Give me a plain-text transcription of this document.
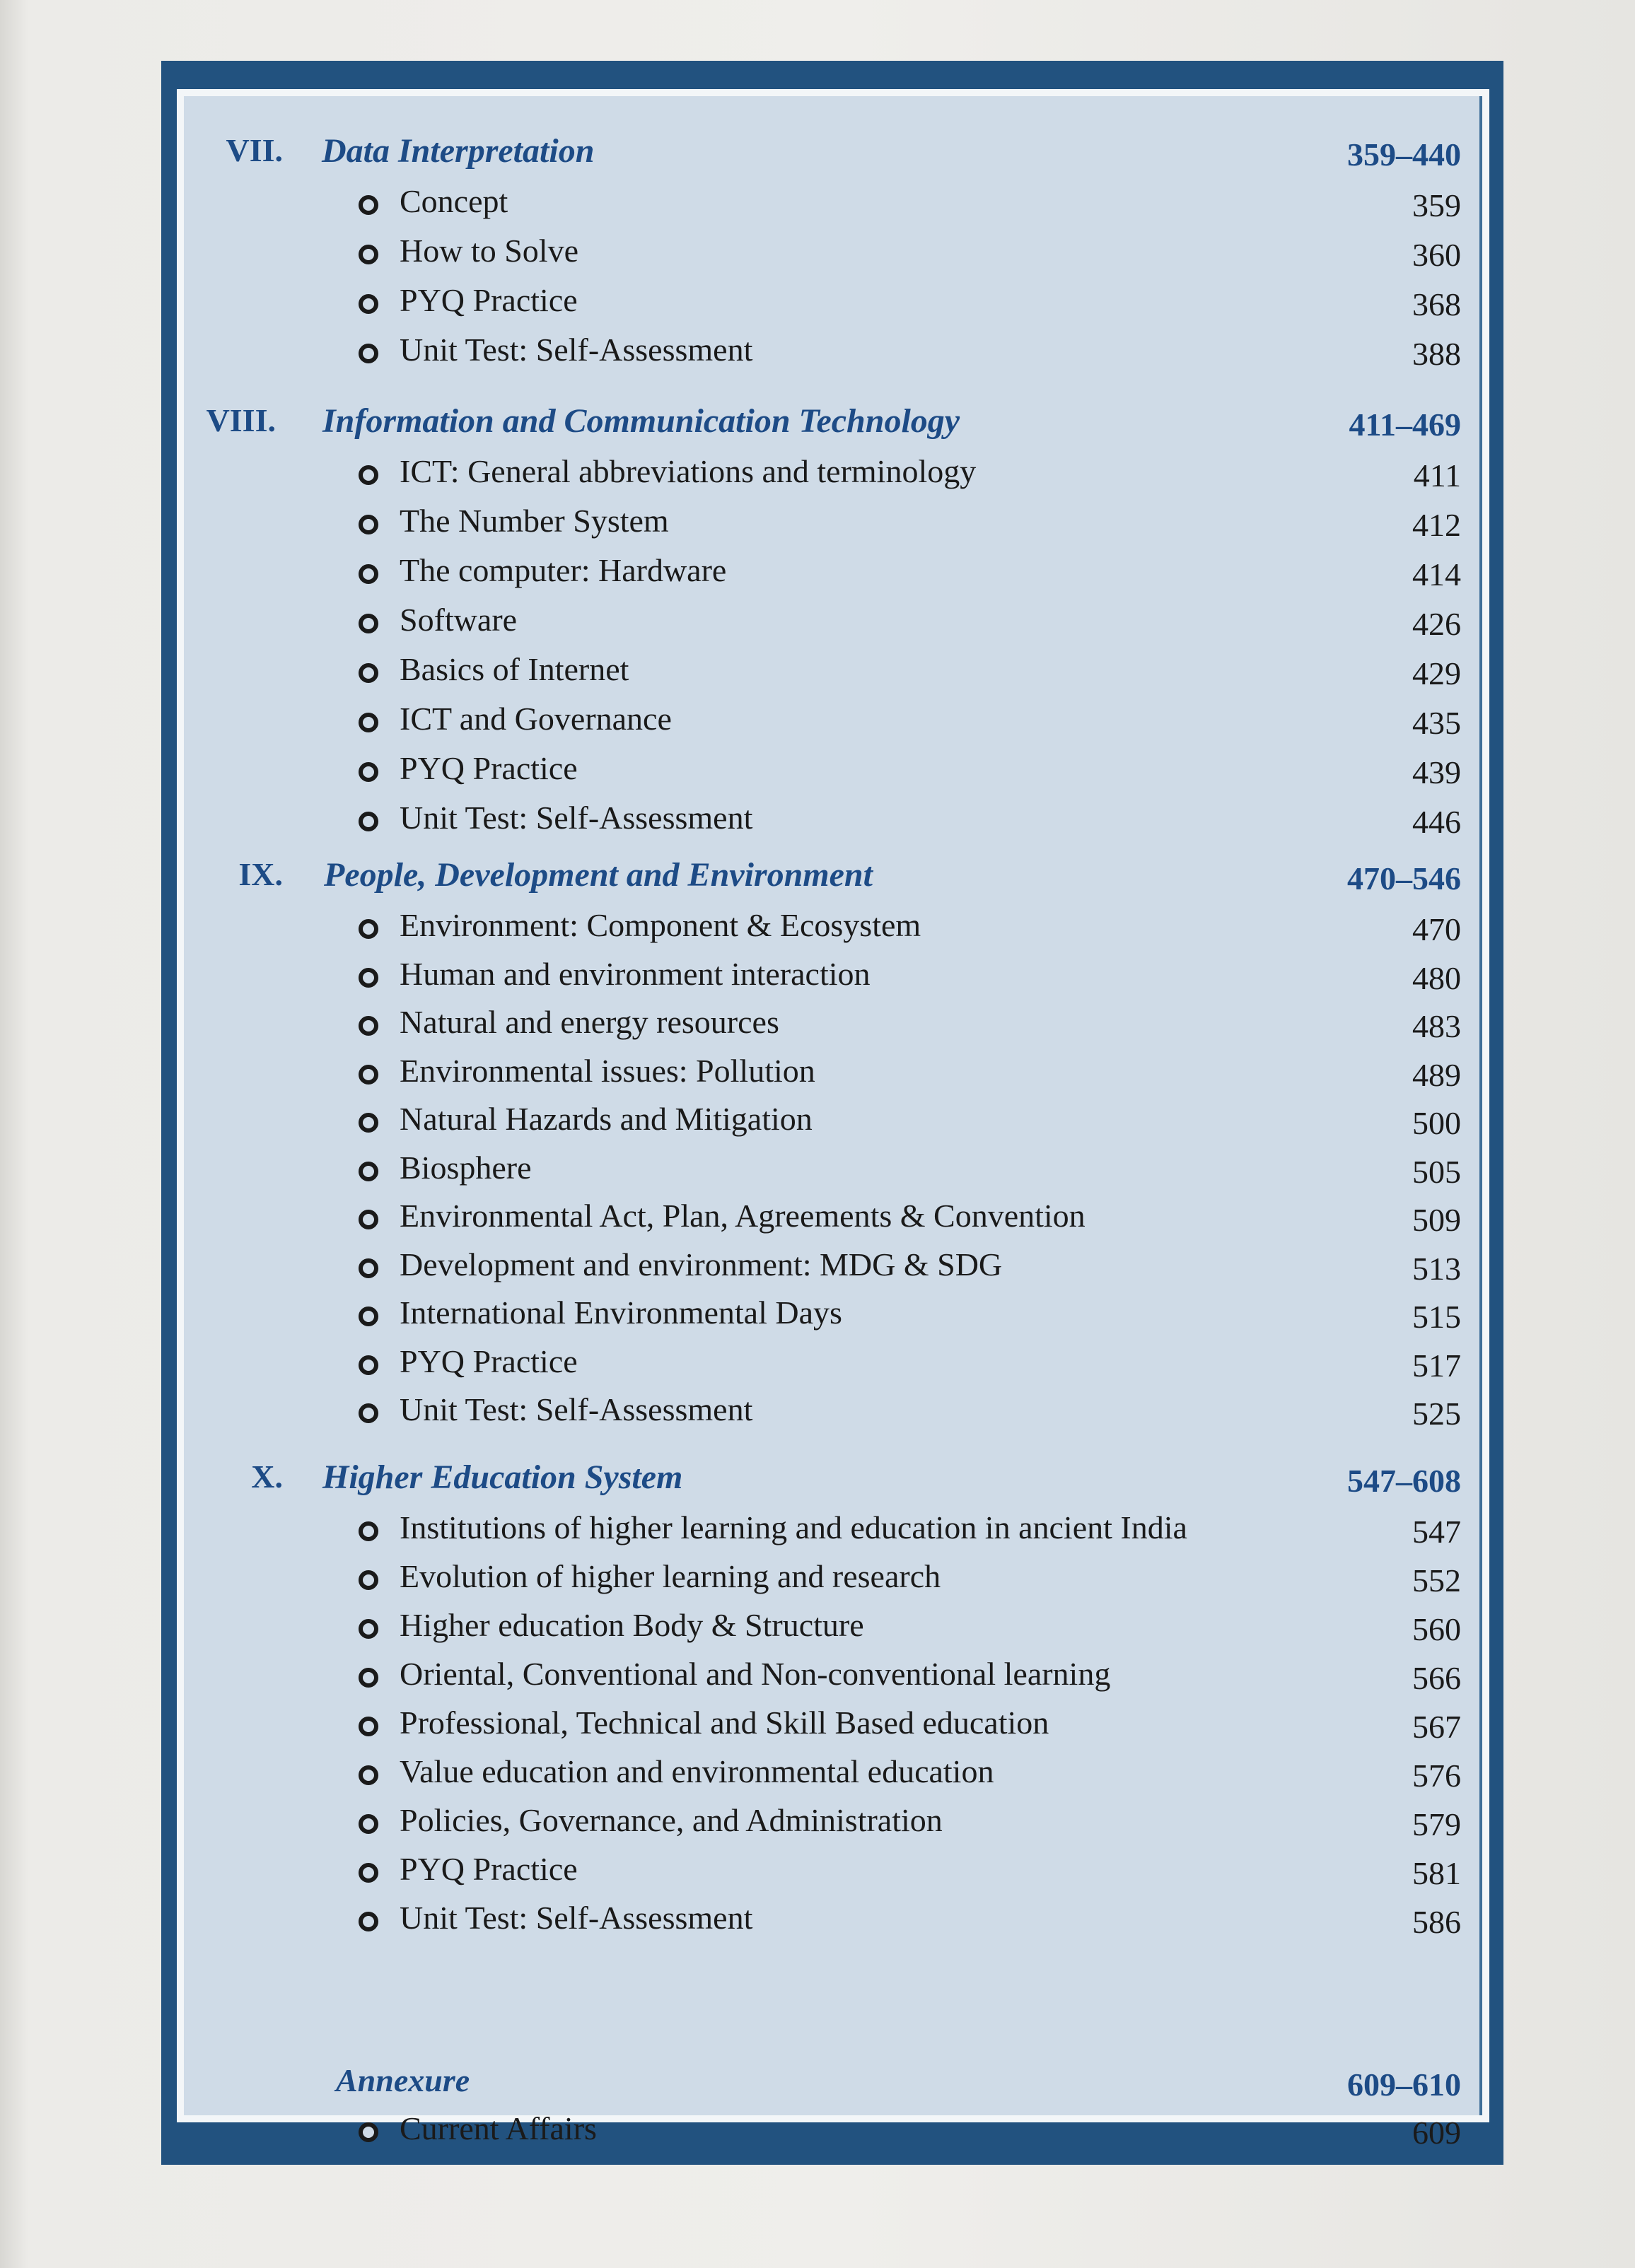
VII. Data Interpretation	359–440
Concept	359
How to Solve	360
PYQ Practice	368
Unit Test: Self-Assessment	388
VIII. Information and Communication Technology	411–469
ICT: General abbreviations and terminology	411
The Number System	412
The computer: Hardware	414
Software	426
Basics of Internet	429
ICT and Governance	435
PYQ Practice	439
Unit Test: Self-Assessment	446
IX. People, Development and Environment	470–546
Environment: Component & Ecosystem	470
Human and environment interaction	480
Natural and energy resources	483
Environmental issues: Pollution	489
Natural Hazards and Mitigation	500
Biosphere	505
Environmental Act, Plan, Agreements & Convention	509
Development and environment: MDG & SDG	513
International Environmental Days	515
PYQ Practice	517
Unit Test: Self-Assessment	525
X. Higher Education System	547–608
Institutions of higher learning and education in ancient India	547
Evolution of higher learning and research	552
Higher education Body & Structure	560
Oriental, Conventional and Non-conventional learning	566
Professional, Technical and Skill Based education	567
Value education and environmental education	576
Policies, Governance, and Administration	579
PYQ Practice	581
Unit Test: Self-Assessment	586
Annexure	609–610
Current Affairs	609
